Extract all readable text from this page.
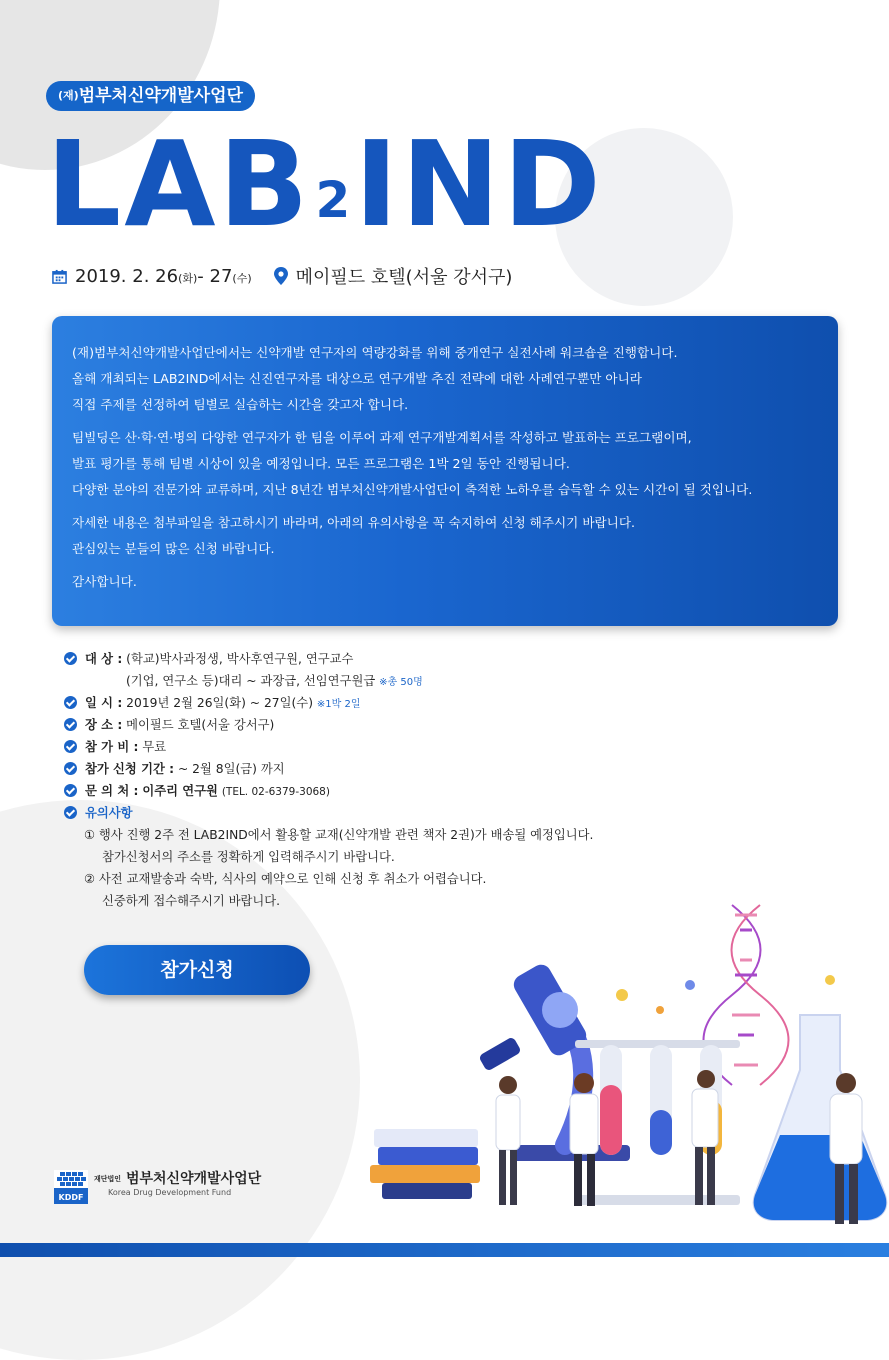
(재)범부처신약개발사업단
LAB2IND
2019. 2. 26(화)- 27(수) 메이필드 호텔(서울 강서구)

(재)범부처신약개발사업단에서는 신약개발 연구자의 역량강화를 위해 중개연구 실전사례 워크숍을 진행합니다.
올해 개최되는 LAB2IND에서는 신진연구자를 대상으로 연구개발 추진 전략에 대한 사례연구뿐만 아니라
직접 주제를 선정하여 팀별로 실습하는 시간을 갖고자 합니다.

팀빌딩은 산·학·연·병의 다양한 연구자가 한 팀을 이루어 과제 연구개발계획서를 작성하고 발표하는 프로그램이며,
발표 평가를 통해 팀별 시상이 있을 예정입니다. 모든 프로그램은 1박 2일 동안 진행됩니다.
다양한 분야의 전문가와 교류하며, 지난 8년간 범부처신약개발사업단이 축적한 노하우를 습득할 수 있는 시간이 될 것입니다.

자세한 내용은 첨부파일을 참고하시기 바라며, 아래의 유의사항을 꼭 숙지하여 신청 해주시기 바랍니다.
관심있는 분들의 많은 신청 바랍니다.

감사합니다.

대 상 : (학교)박사과정생, 박사후연구원, 연구교수
(기업, 연구소 등)대리 ~ 과장급, 선임연구원급 ※총 50명
일 시 : 2019년 2월 26일(화) ~ 27일(수) ※1박 2일
장 소 : 메이필드 호텔(서울 강서구)
참 가 비 : 무료
참가 신청 기간 : ~ 2월 8일(금) 까지
문 의 처 : 이주리 연구원 (TEL. 02-6379-3068)
유의사항
① 행사 진행 2주 전 LAB2IND에서 활용할 교재(신약개발 관련 책자 2권)가 배송될 예정입니다.
참가신청서의 주소를 정확하게 입력해주시기 바랍니다.
② 사전 교재발송과 숙박, 식사의 예약으로 인해 신청 후 취소가 어렵습니다.
신중하게 접수해주시기 바랍니다.
참가신청
KDDF
재단법인 범부처신약개발사업단
Korea Drug Development Fund
